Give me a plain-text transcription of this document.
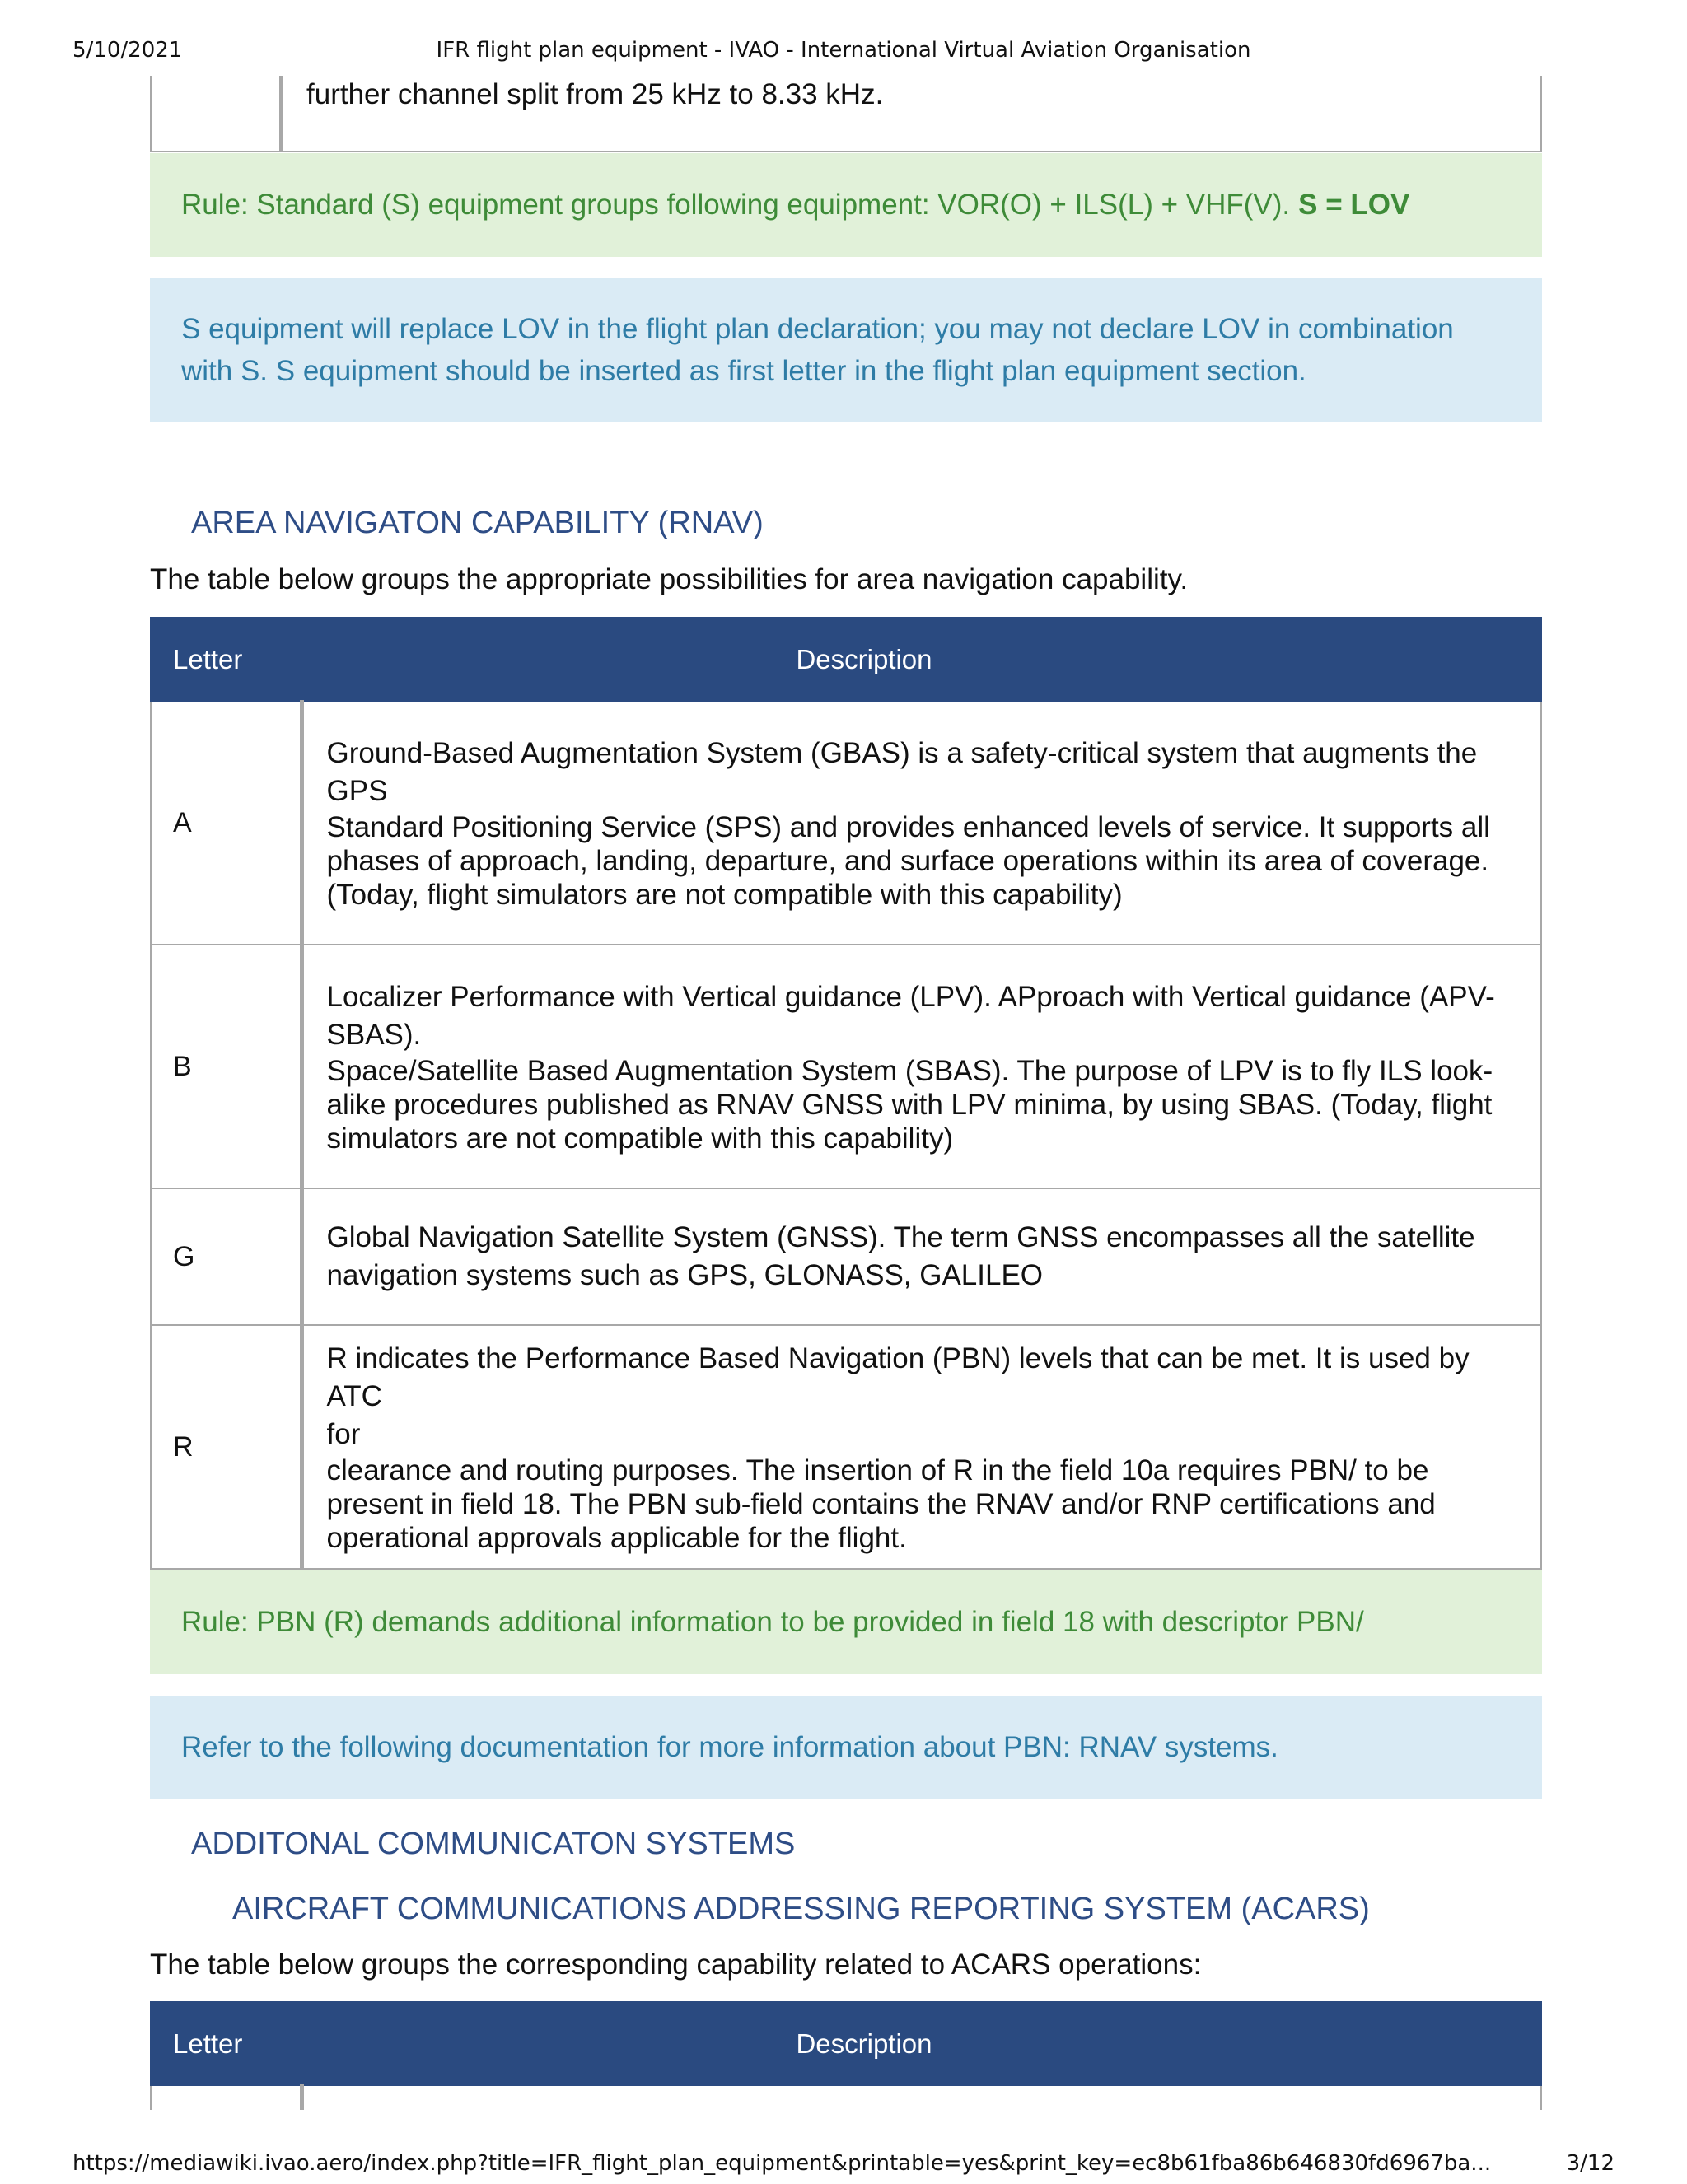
5/10/2021	IFR flight plan equipment - IVAO - International Virtual Aviation Organisation
	further channel split from 25 kHz to 8.33 kHz.
Rule: Standard (S) equipment groups following equipment: VOR(O) + ILS(L) + VHF(V). S = LOV
S equipment will replace LOV in the flight plan declaration; you may not declare LOV in combination
with S. S equipment should be inserted as first letter in the flight plan equipment section.
AREA NAVIGATON CAPABILITY (RNAV)
The table below groups the appropriate possibilities for area navigation capability.
Letter	Description
A	Ground-Based Augmentation System (GBAS) is a safety-critical system that augments the
GPS
Standard Positioning Service (SPS) and provides enhanced levels of service. It supports all
phases of approach, landing, departure, and surface operations within its area of coverage.
(Today, flight simulators are not compatible with this capability)

B	Localizer Performance with Vertical guidance (LPV). APproach with Vertical guidance (APV-
SBAS).
Space/Satellite Based Augmentation System (SBAS). The purpose of LPV is to fly ILS look-
alike procedures published as RNAV GNSS with LPV minima, by using SBAS. (Today, flight
simulators are not compatible with this capability)

G	Global Navigation Satellite System (GNSS). The term GNSS encompasses all the satellite
navigation systems such as GPS, GLONASS, GALILEO

R	R indicates the Performance Based Navigation (PBN) levels that can be met. It is used by ATC
for
clearance and routing purposes. The insertion of R in the field 10a requires PBN/ to be
present in field 18. The PBN sub-field contains the RNAV and/or RNP certifications and
operational approvals applicable for the flight.
Rule: PBN (R) demands additional information to be provided in field 18 with descriptor PBN/
Refer to the following documentation for more information about PBN: RNAV systems.
ADDITONAL COMMUNICATON SYSTEMS
AIRCRAFT COMMUNICATIONS ADDRESSING REPORTING SYSTEM (ACARS)
The table below groups the corresponding capability related to ACARS operations:
Letter	Description

https://mediawiki.ivao.aero/index.php?title=IFR_flight_plan_equipment&printable=yes&print_key=ec8b61fba86b646830fd6967ba...	3/12
